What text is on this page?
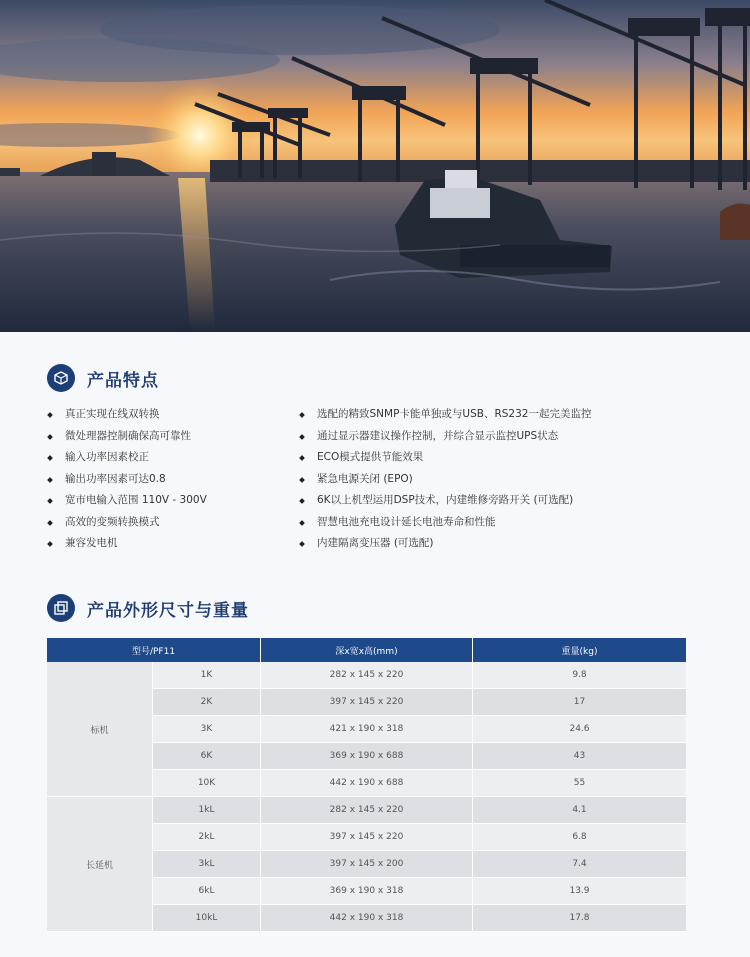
产品特点
真正实现在线双转换
微处理器控制确保高可靠性
输入功率因素校正
输出功率因素可达0.8
宽市电输入范围 110V - 300V
高效的变频转换模式
兼容发电机
选配的精致SNMP卡能单独或与USB、RS232一起完美监控
通过显示器建议操作控制，并综合显示监控UPS状态
ECO模式提供节能效果
紧急电源关闭 (EPO)
6K以上机型运用DSP技术，内建维修旁路开关 (可选配)
智慧电池充电设计延长电池寿命和性能
内建隔离变压器 (可选配)
产品外形尺寸与重量
型号/PF11		深x宽x高(mm)	重量(kg)
标机	1K	282 x 145 x 220	9.8
	2K	397 x 145 x 220	17
	3K	421 x 190 x 318	24.6
	6K	369 x 190 x 688	43
	10K	442 x 190 x 688	55
长延机	1kL	282 x 145 x 220	4.1
	2kL	397 x 145 x 220	6.8
	3kL	397 x 145 x 200	7.4
	6kL	369 x 190 x 318	13.9
	10kL	442 x 190 x 318	17.8
